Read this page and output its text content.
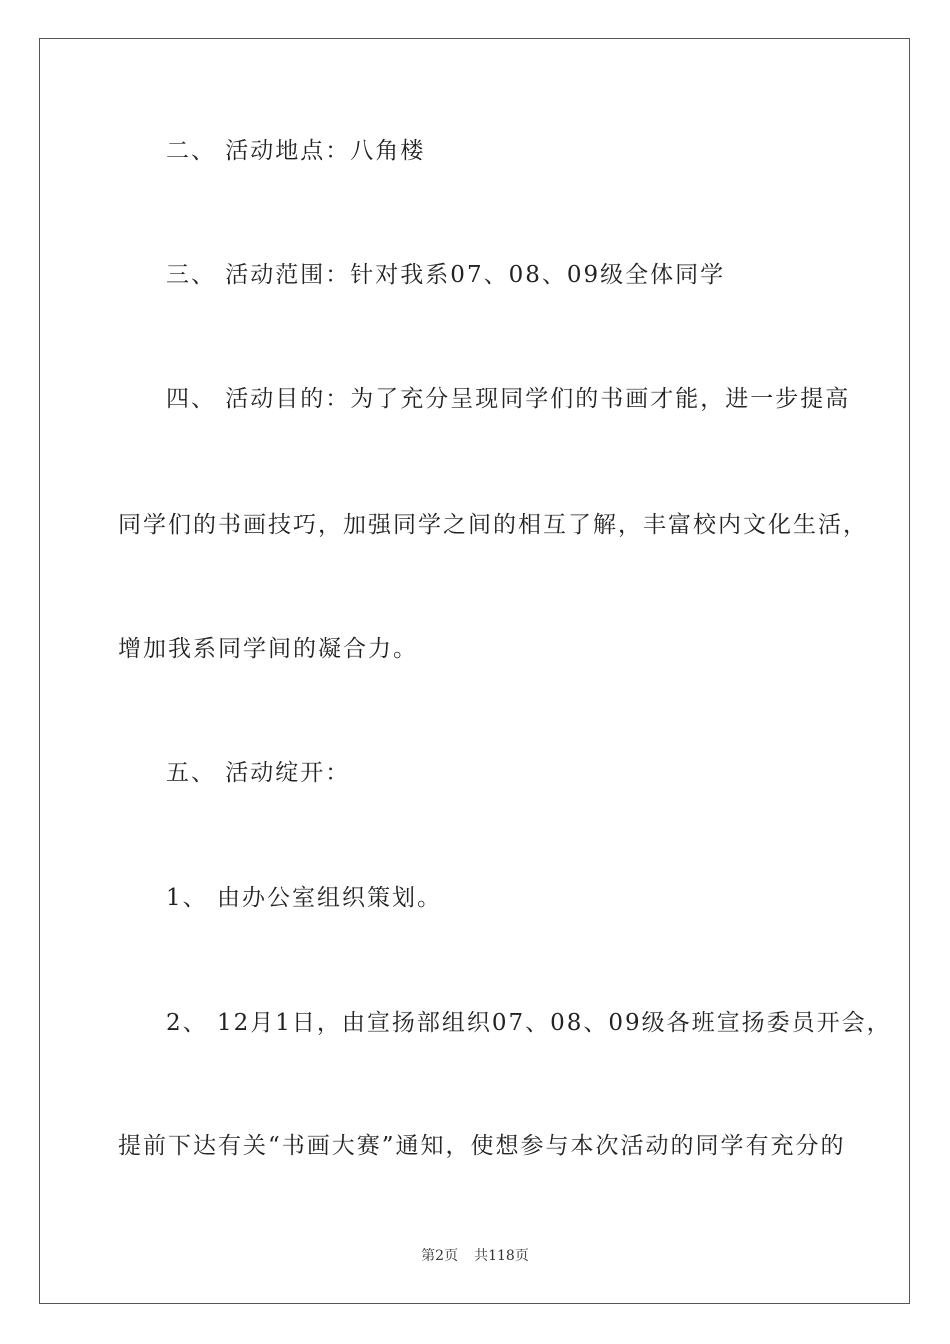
二、 活动地点：八角楼
三、 活动范围：针对我系07、08、09级全体同学
四、 活动目的：为了充分呈现同学们的书画才能，进一步提高
同学们的书画技巧，加强同学之间的相互了解，丰富校内文化生活，
增加我系同学间的凝合力。
五、 活动绽开：
1、 由办公室组织策划。
2、 12月1日，由宣扬部组织07、08、09级各班宣扬委员开会，
提前下达有关“书画大赛”通知，使想参与本次活动的同学有充分的
第2页 共118页
